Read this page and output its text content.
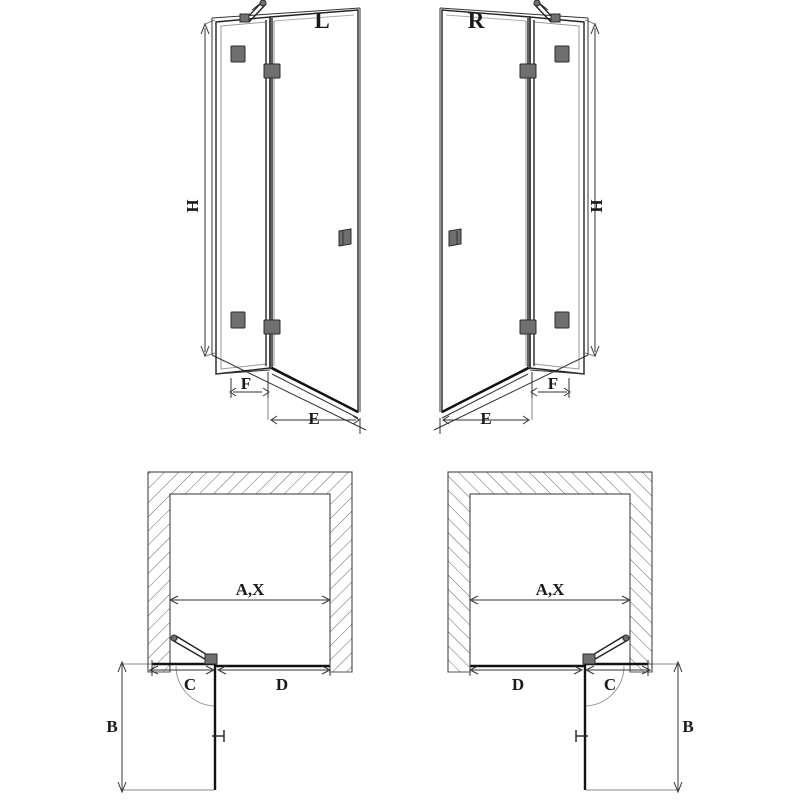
H
F
E
L
H
F
E
R
A,X
C	D
B
A,X
C
D
B
